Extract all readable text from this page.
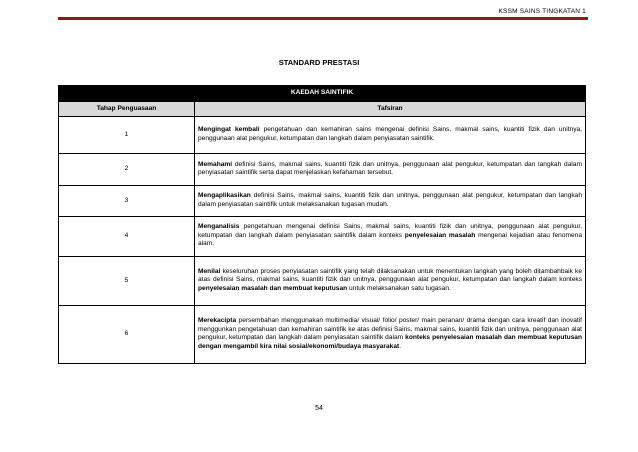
KSSM SAINS TINGKATAN 1
STANDARD PRESTASI
KAEDAH SAINTIFIK	
Tahap Penguasaan	Tafsiran
1	Mengingat kembali pengetahuan dan kemahiran sains mengenai definisi Sains, makmal sains, kuantiti fizik dan unitnya, penggunaan alat pengukur, ketumpatan dan langkah dalam penyiasatan saintifik.
2	Memahami definisi Sains, makmal sains, kuantiti fizik dan unitnya, penggunaan alat pengukur, ketumpatan dan langkah dalam penyiasatan saintifik serta dapat menjelaskan kefahaman tersebut.
3	Mengaplikasikan definisi Sains, makmal sains, kuantiti fizik dan unitnya, penggunaan alat pengukur, ketumpatan dan langkah dalam penyiasatan saintifik untuk melaksanakan tugasan mudah.
4	Menganalisis pengetahuan mengenai definisi Sains, makmal sains, kuantiti fizik dan unitnya, penggunaan alat pengukur, ketumpatan dan langkah dalam penyiasatan saintifik dalam konteks penyelesaian masalah mengenai kejadian atau fenomena alam.
5	Menilai keseluruhan proses penyiasatan saintifik yang telah dilaksanakan untuk menentukan langkah yang boleh ditambahbaik ke atas definisi Sains, makmal sains, kuantiti fizik dan unitnya, penggunaan alat pengukur, ketumpatan dan langkah dalam konteks penyelesaian masalah dan membuat keputusan untuk melaksanakan satu tugasan.
6	Merekacipta persembahan menggunakan multimedia/ visual/ folio/ poster/ main peranan/ drama dengan cara kreatif dan inovatif menggunkan pengetahuan dan kemahiran saintifik ke atas definisi Sains, makmal sains, kuantiti fizik dan unitnya, penggunaan alat pengukur, ketumpatan dan langkah dalam penyiasatan saintifik dalam konteks penyelesaian masalah dan membuat keputusan dengan mengambil kira nilai sosial/ekonomi/budaya masyarakat.
54
